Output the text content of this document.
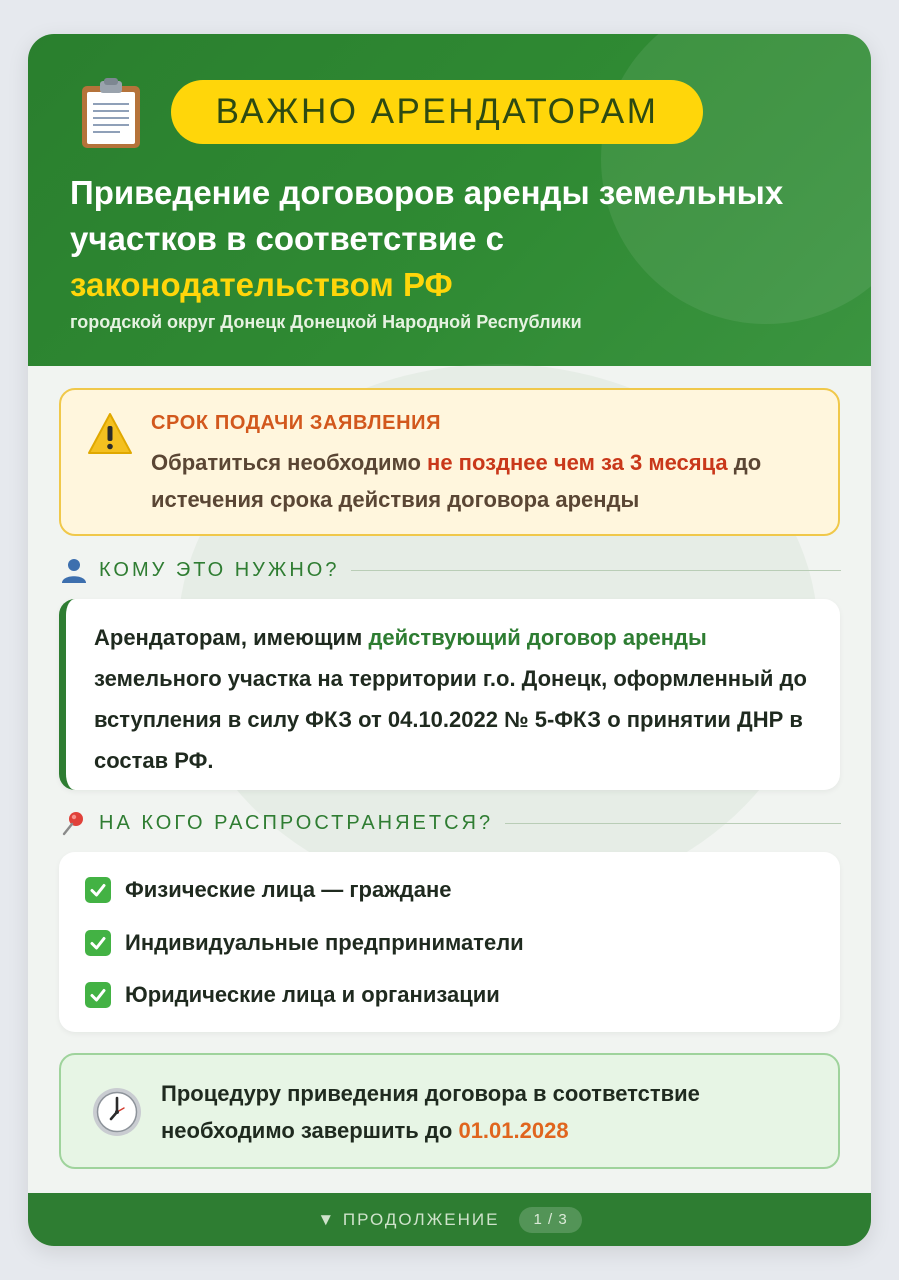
ВАЖНО АРЕНДАТОРАМ
Приведение договоров аренды земельных участков в соответствие с законодательством РФ
городской округ Донецк Донецкой Народной Республики
СРОК ПОДАЧИ ЗАЯВЛЕНИЯ
Обратиться необходимо не позднее чем за 3 месяца до истечения срока действия договора аренды
КОМУ ЭТО НУЖНО?
Арендаторам, имеющим действующий договор аренды земельного участка на территории г.о. Донецк, оформленный до вступления в силу ФКЗ от 04.10.2022 № 5-ФКЗ о принятии ДНР в состав РФ.
НА КОГО РАСПРОСТРАНЯЕТСЯ?
Физические лица — граждане
Индивидуальные предприниматели
Юридические лица и организации
Процедуру приведения договора в соответствие необходимо завершить до 01.01.2028
▼ ПРОДОЛЖЕНИЕ	1 / 3
